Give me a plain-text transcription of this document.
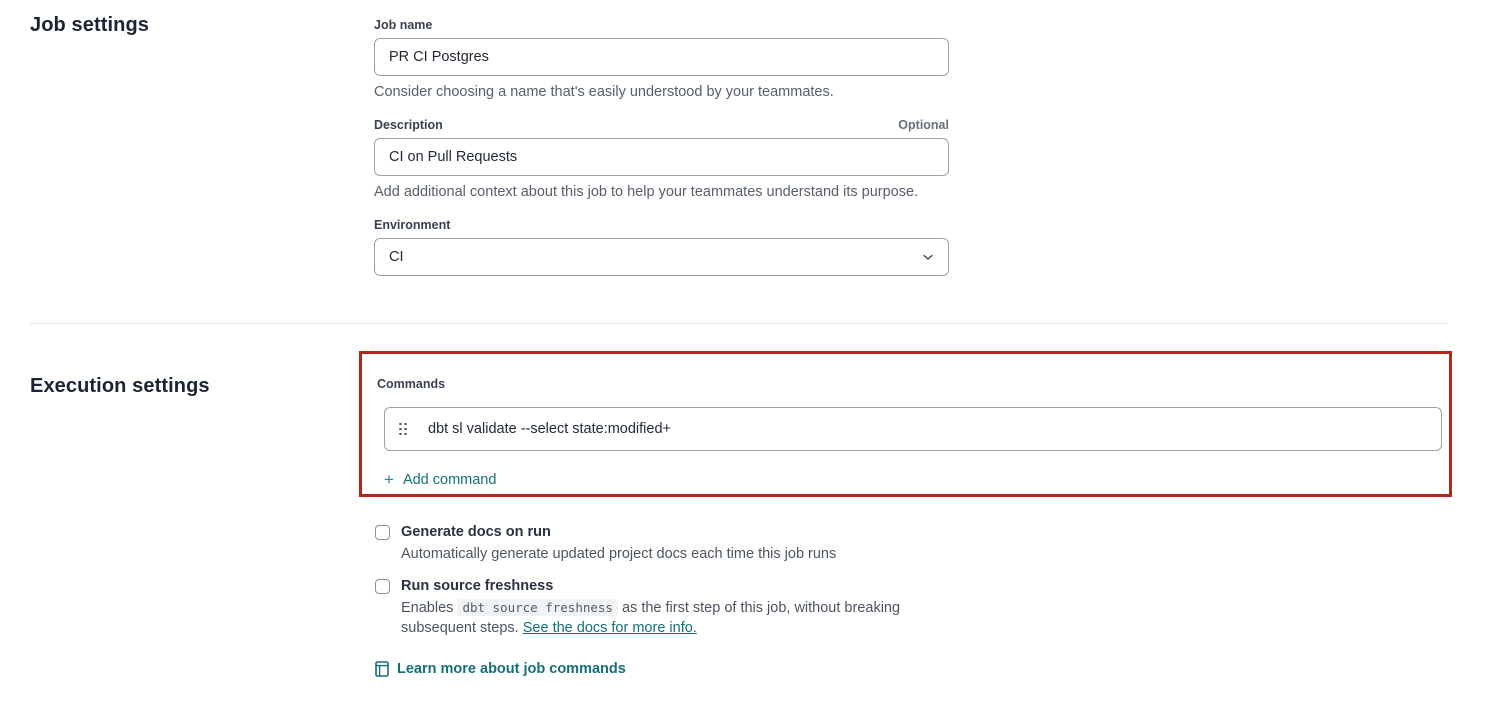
Job settings	Job name
PR CI Postgres
Consider choosing a name that's easily understood by your teammates.
Description	Optional
CI on Pull Requests
Add additional context about this job to help your teammates understand its purpose.
Environment
CI
Execution settings	Commands
dbt sl validate --select state:modified+
+ Add command
Generate docs on run
Automatically generate updated project docs each time this job runs
Run source freshness
Enables dbt source freshness as the first step of this job, without breaking subsequent steps. See the docs for more info.
Learn more about job commands
